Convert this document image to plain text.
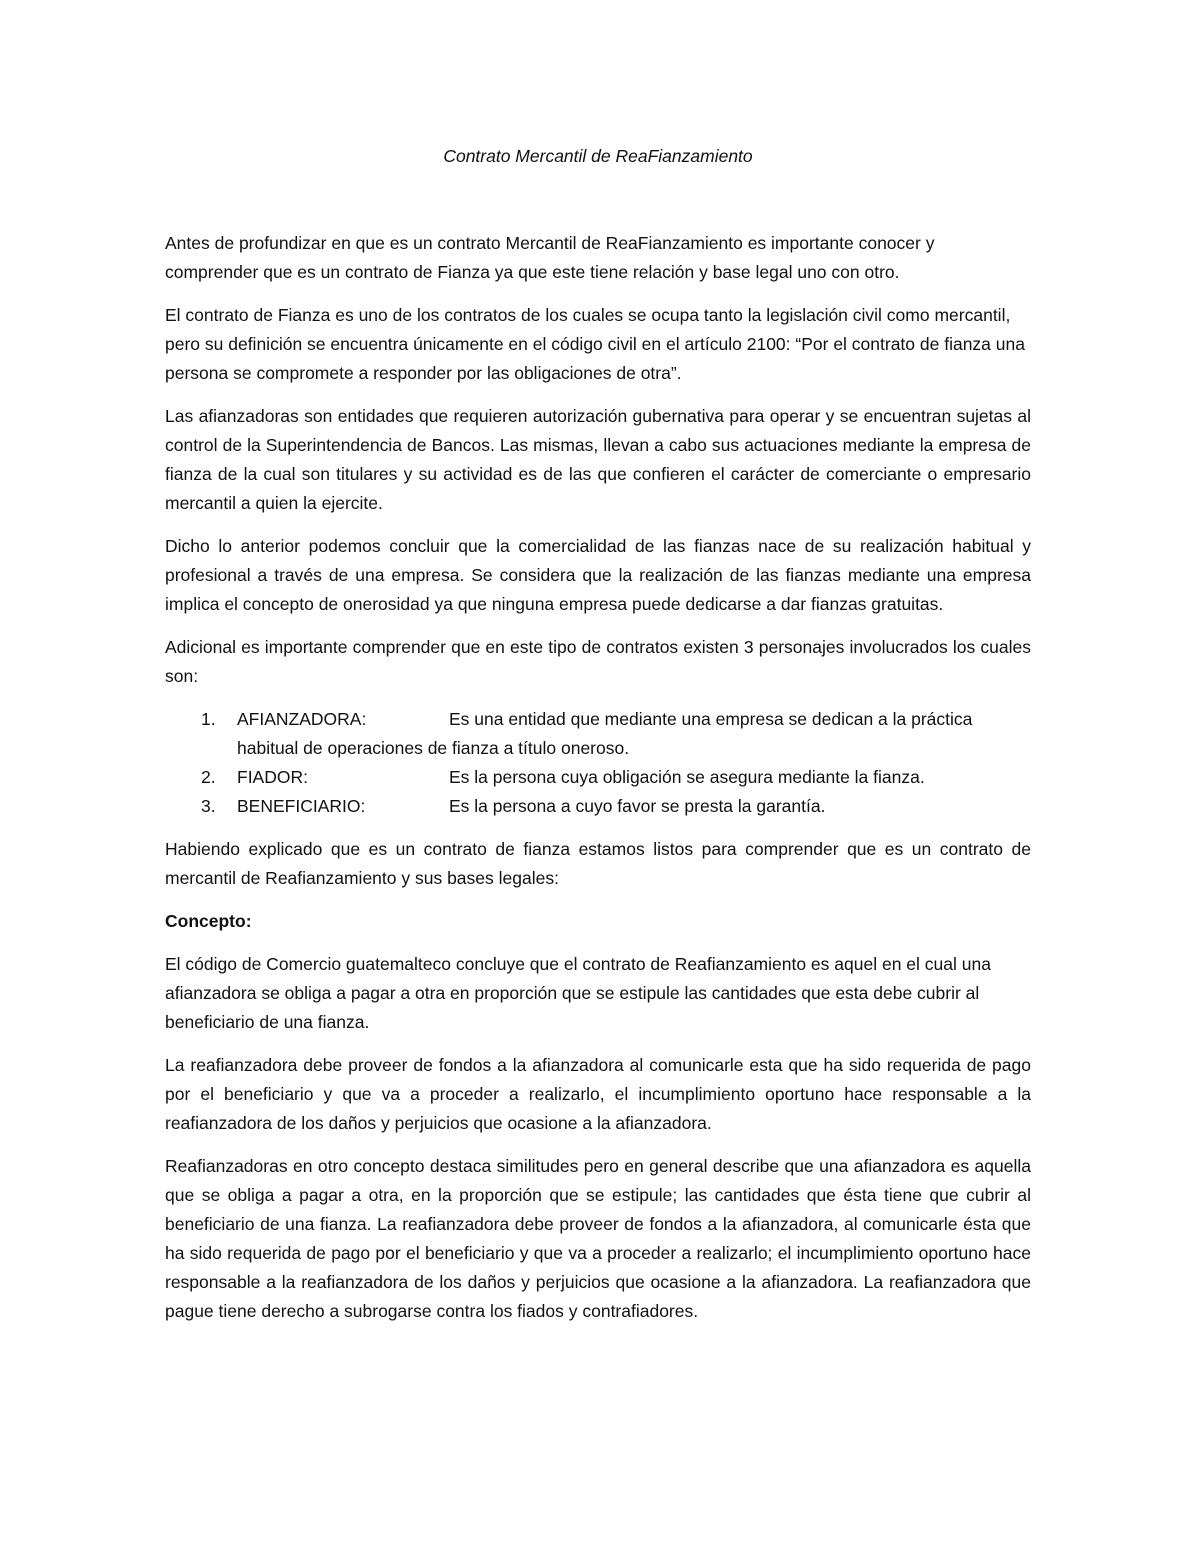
Contrato Mercantil de ReaFianzamiento

Antes de profundizar en que es un contrato Mercantil de ReaFianzamiento es importante conocer y comprender que es un contrato de Fianza ya que este tiene relación y base legal uno con otro.

El contrato de Fianza es uno de los contratos de los cuales se ocupa tanto la legislación civil como mercantil, pero su definición se encuentra únicamente en el código civil en el artículo 2100: “Por el contrato de fianza una persona se compromete a responder por las obligaciones de otra”.

Las afianzadoras son entidades que requieren autorización gubernativa para operar y se encuentran sujetas al control de la Superintendencia de Bancos. Las mismas, llevan a cabo sus actuaciones mediante la empresa de fianza de la cual son titulares y su actividad es de las que confieren el carácter de comerciante o empresario mercantil a quien la ejercite.

Dicho lo anterior podemos concluir que la comercialidad de las fianzas nace de su realización habitual y profesional a través de una empresa. Se considera que la realización de las fianzas mediante una empresa implica el concepto de onerosidad ya que ninguna empresa puede dedicarse a dar fianzas gratuitas.

Adicional es importante comprender que en este tipo de contratos existen 3 personajes involucrados los cuales son:

1. AFIANZADORA:	Es una entidad que mediante una empresa se dedican a la práctica habitual de operaciones de fianza a título oneroso.
2. FIADOR:	Es la persona cuya obligación se asegura mediante la fianza.
3. BENEFICIARIO:	Es la persona a cuyo favor se presta la garantía.

Habiendo explicado que es un contrato de fianza estamos listos para comprender que es un contrato de mercantil de Reafianzamiento y sus bases legales:

Concepto:

El código de Comercio guatemalteco concluye que el contrato de Reafianzamiento es aquel en el cual una afianzadora se obliga a pagar a otra en proporción que se estipule las cantidades que esta debe cubrir al beneficiario de una fianza.

La reafianzadora debe proveer de fondos a la afianzadora al comunicarle esta que ha sido requerida de pago por el beneficiario y que va a proceder a realizarlo, el incumplimiento oportuno hace responsable a la reafianzadora de los daños y perjuicios que ocasione a la afianzadora.

Reafianzadoras en otro concepto destaca similitudes pero en general describe que una afianzadora es aquella que se obliga a pagar a otra, en la proporción que se estipule; las cantidades que ésta tiene que cubrir al beneficiario de una fianza. La reafianzadora debe proveer de fondos a la afianzadora, al comunicarle ésta que ha sido requerida de pago por el beneficiario y que va a proceder a realizarlo; el incumplimiento oportuno hace responsable a la reafianzadora de los daños y perjuicios que ocasione a la afianzadora. La reafianzadora que pague tiene derecho a subrogarse contra los fiados y contrafiadores.
